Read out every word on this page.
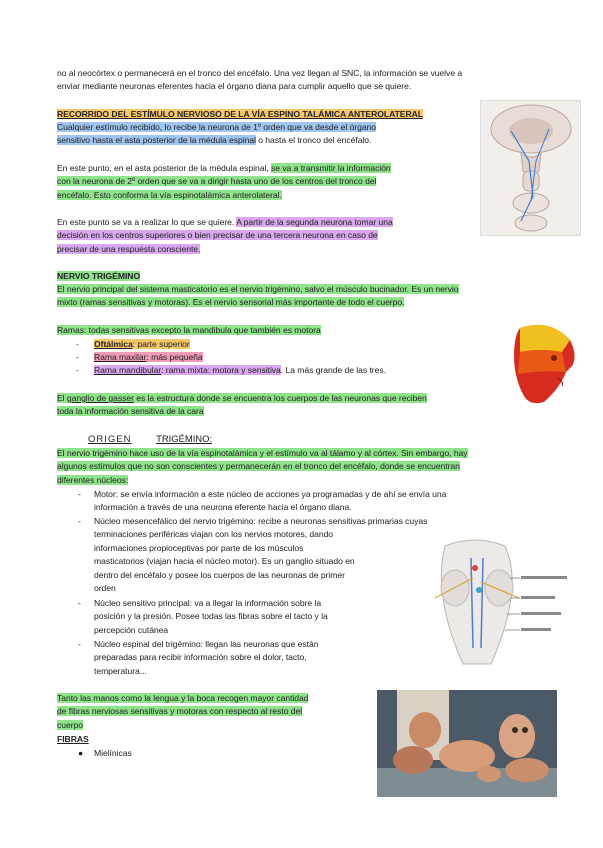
no al neocórtex o permanecerá en el tronco del encéfalo. Una vez llegan al SNC, la información se vuelve a
enviar mediante neuronas eferentes hacia el órgano diana para cumplir aquello que se quiere.
RECORRIDO DEL ESTÍMULO NERVIOSO DE LA VÍA ESPINO TALÁMICA ANTEROLATERAL
Cualquier estímulo recibido, lo recibe la neurona de 1º orden que va desde el órgano
sensitivo hasta el asta posterior de la médula espinal o hasta el tronco del encéfalo.
En este punto, en el asta posterior de la médula espinal, se va a transmitir la información
con la neurona de 2º orden que se va a dirigir hasta uno de los centros del tronco del
encéfalo. Esto conforma la vía espinotalámica anterolateral.
En este punto se va a realizar lo que se quiere. A partir de la segunda neurona tomar una
decisión en los centros superiores o bien precisar de una tercera neurona en caso de
precisar de una respuesta consciente.
NERVIO TRIGÉMINO
El nervio principal del sistema masticatorio es el nervio trigémino, salvo el músculo bucinador. Es un nervio
mixto (ramas sensitivas y motoras). Es el nervio sensorial más importante de todo el cuerpo.
Ramas: todas sensitivas excepto la mandibula que también es motora
- Oftálmica: parte superior
- Rama maxilar: más pequeña
- Rama mandibular: rama mixta: motora y sensitiva. La más grande de las tres.
El ganglio de gasser es la estructura donde se encuentra los cuerpos de las neuronas que reciben
toda la información sensitiva de la cara
ORIGEN	TRIGÉMINO:
El nervio trigémino hace uso de la vía espinotalámica y el estímulo va al tálamo y al córtex. Sin embargo, hay
algunos estímulos que no son conscientes y permanecerán en el tronco del encéfalo, donde se encuentran
diferentes núcleos:
- Motor: se envía información a este núcleo de acciones ya programadas y de ahí se envía una
información a través de una neurona eferente hacia el órgano diana.
- Núcleo mesencefálico del nervio trigémino: recibe a neuronas sensitivas primarias cuyas
terminaciones periféricas viajan con los nervios motores, dando
informaciones propioceptivas por parte de los músculos
masticatorios (viajan hacia el núcleo motor). Es un ganglio situado en
dentro del encéfalo y posee los cuerpos de las neuronas de primer
orden
- Núcleo sensitivo principal: va a llegar la información sobre la
posición y la presión. Posee todas las fibras sobre el tacto y la
percepción cutánea
- Núcleo espinal del trigémino: llegan las neuronas que están
preparadas para recibir información sobre el dolor, tacto,
temperatura...
Tanto las manos como la lengua y la boca recogen mayor cantidad
de fibras nerviosas sensitivas y motoras con respecto al resto del
cuerpo
FIBRAS
● Mielínicas
